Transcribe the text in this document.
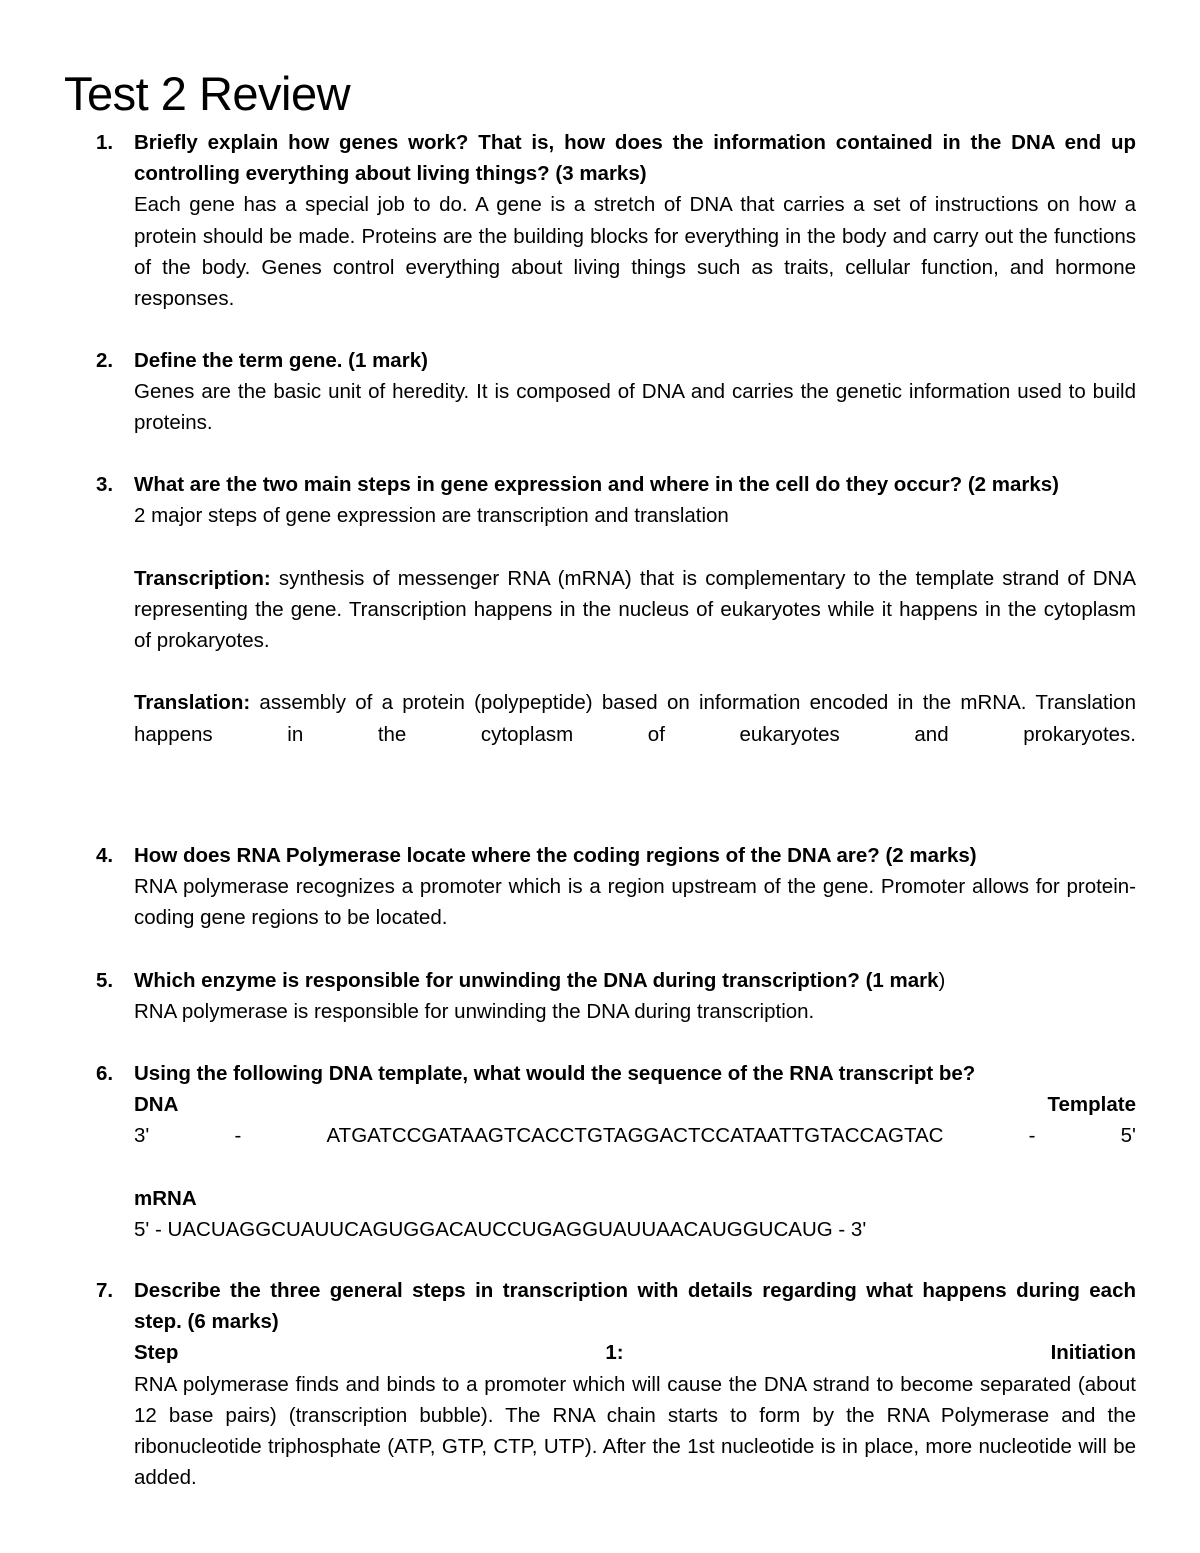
Test 2 Review
1. Briefly explain how genes work? That is, how does the information contained in the DNA end up controlling everything about living things? (3 marks)
Each gene has a special job to do. A gene is a stretch of DNA that carries a set of instructions on how a protein should be made. Proteins are the building blocks for everything in the body and carry out the functions of the body. Genes control everything about living things such as traits, cellular function, and hormone responses.
2. Define the term gene. (1 mark)
Genes are the basic unit of heredity. It is composed of DNA and carries the genetic information used to build proteins.
3. What are the two main steps in gene expression and where in the cell do they occur? (2 marks)
2 major steps of gene expression are transcription and translation
Transcription: synthesis of messenger RNA (mRNA) that is complementary to the template strand of DNA representing the gene. Transcription happens in the nucleus of eukaryotes while it happens in the cytoplasm of prokaryotes.
Translation: assembly of a protein (polypeptide) based on information encoded in the mRNA. Translation happens in the cytoplasm of eukaryotes and prokaryotes.
4. How does RNA Polymerase locate where the coding regions of the DNA are? (2 marks)
RNA polymerase recognizes a promoter which is a region upstream of the gene. Promoter allows for protein-coding gene regions to be located.
5. Which enzyme is responsible for unwinding the DNA during transcription? (1 mark)
RNA polymerase is responsible for unwinding the DNA during transcription.
6. Using the following DNA template, what would the sequence of the RNA transcript be?
DNA	Template
3'	-	ATGATCCGATAAGTCACCTGTAGGACTCCATAATTGTACCAGTAC	-	5'
mRNA
5' - UACUAGGCUAUUCAGUGGACAUCCUGAGGUAUUAACAUGGUCAUG - 3'
7. Describe the three general steps in transcription with details regarding what happens during each step. (6 marks)
Step	1:	Initiation
RNA polymerase finds and binds to a promoter which will cause the DNA strand to become separated (about 12 base pairs) (transcription bubble). The RNA chain starts to form by the RNA Polymerase and the ribonucleotide triphosphate (ATP, GTP, CTP, UTP). After the 1st nucleotide is in place, more nucleotide will be added.
